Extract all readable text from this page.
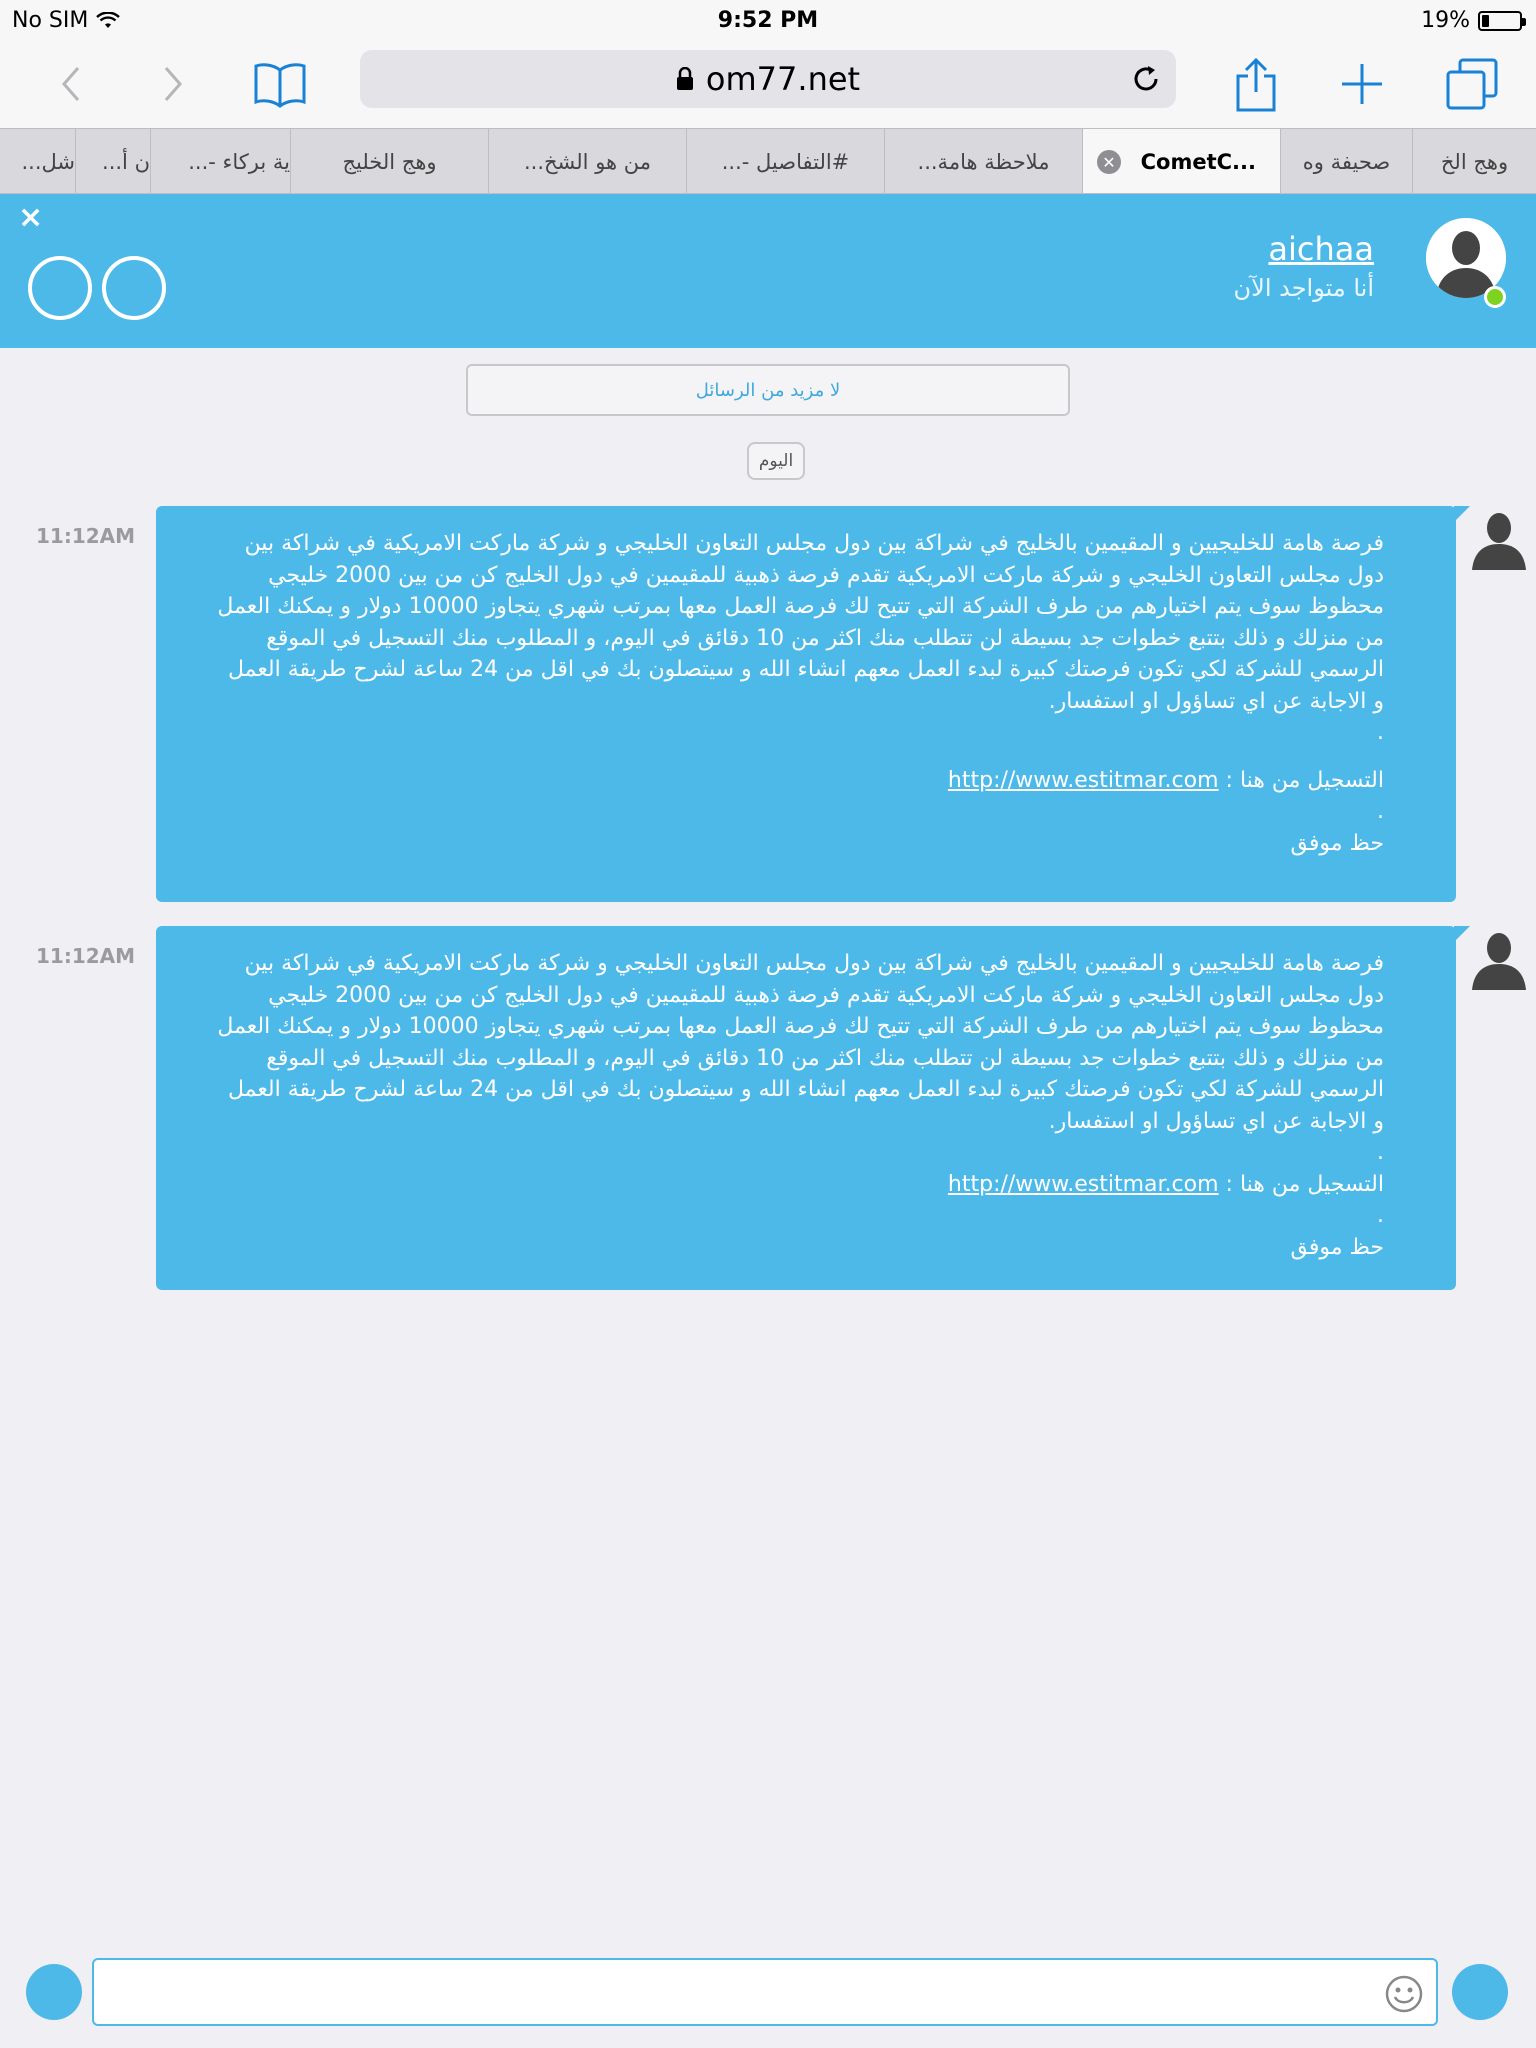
No SIM	9:52 PM	19%
om77.net
وهج الخ
صحيفة وه
✕ CometC...
ملاحظة هامة...
#التفاصيل -...
من هو الشخ...
وهج الخليج
ية بركاء -...
ن أ...
شل...
×
aichaa
أنا متواجد الآن
لا مزيد من الرسائل
اليوم
11:12AM	فرصة هامة للخليجيين و المقيمين بالخليج في شراكة بين دول مجلس التعاون الخليجي و شركة ماركت الامريكية في شراكة بين دول مجلس التعاون الخليجي و شركة ماركت الامريكية تقدم فرصة ذهبية للمقيمين في دول الخليج كن من بين 2000 خليجي محظوظ سوف يتم اختيارهم من طرف الشركة التي تتيح لك فرصة العمل معها بمرتب شهري يتجاوز 10000 دولار و يمكنك العمل من منزلك و ذلك بتتبع خطوات جد بسيطة لن تتطلب منك اكثر من 10 دقائق في اليوم، و المطلوب منك التسجيل في الموقع الرسمي للشركة لكي تكون فرصتك كبيرة لبدء العمل معهم انشاء الله و سيتصلون بك في اقل من 24 ساعة لشرح طريقة العمل و الاجابة عن اي تساؤول او استفسار.

.

التسجيل من هنا : http://www.estitmar.com

.

حظ موفق

11:12AM	فرصة هامة للخليجيين و المقيمين بالخليج في شراكة بين دول مجلس التعاون الخليجي و شركة ماركت الامريكية في شراكة بين دول مجلس التعاون الخليجي و شركة ماركت الامريكية تقدم فرصة ذهبية للمقيمين في دول الخليج كن من بين 2000 خليجي محظوظ سوف يتم اختيارهم من طرف الشركة التي تتيح لك فرصة العمل معها بمرتب شهري يتجاوز 10000 دولار و يمكنك العمل من منزلك و ذلك بتتبع خطوات جد بسيطة لن تتطلب منك اكثر من 10 دقائق في اليوم، و المطلوب منك التسجيل في الموقع الرسمي للشركة لكي تكون فرصتك كبيرة لبدء العمل معهم انشاء الله و سيتصلون بك في اقل من 24 ساعة لشرح طريقة العمل و الاجابة عن اي تساؤول او استفسار.

.

التسجيل من هنا : http://www.estitmar.com

.

حظ موفق
